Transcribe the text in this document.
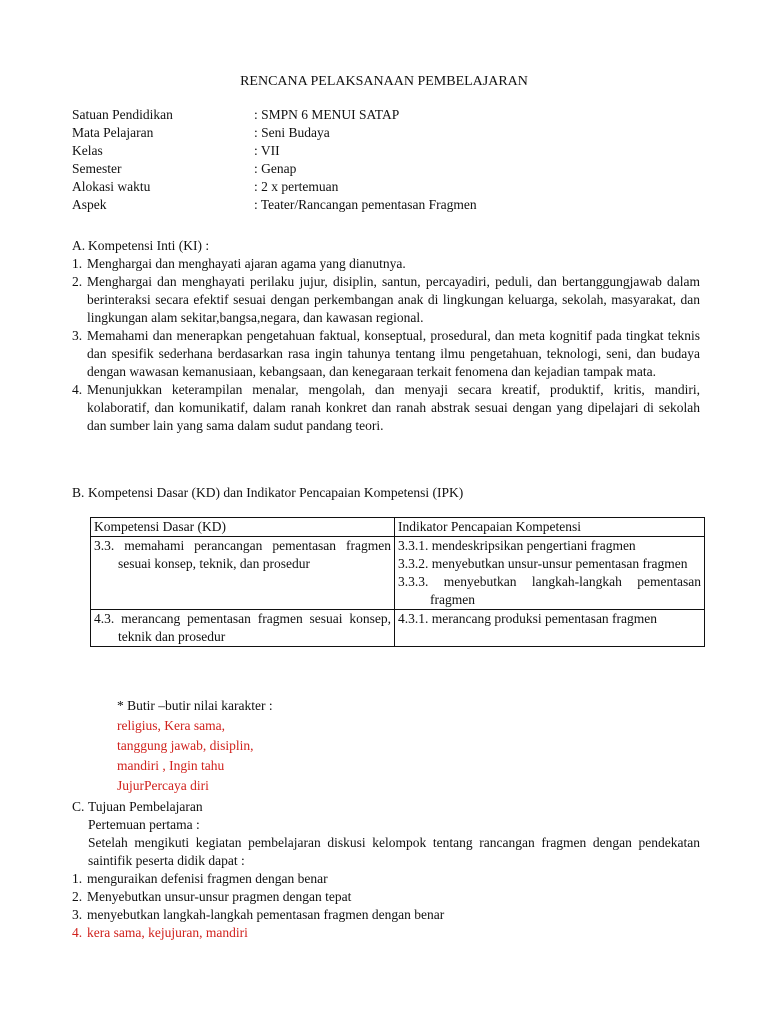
RENCANA PELAKSANAAN PEMBELAJARAN
Satuan Pendidikan	: SMPN 6 MENUI SATAP
Mata Pelajaran	: Seni Budaya
Kelas	: VII
Semester	: Genap
Alokasi waktu	: 2 x pertemuan
Aspek	: Teater/Rancangan pementasan Fragmen
A. Kompetensi Inti (KI) :
1. Menghargai dan menghayati ajaran agama yang dianutnya.
2. Menghargai dan menghayati perilaku jujur, disiplin, santun, percayadiri, peduli, dan bertanggungjawab dalam berinteraksi secara efektif sesuai dengan perkembangan anak di lingkungan keluarga, sekolah, masyarakat, dan lingkungan alam sekitar,bangsa,negara, dan kawasan regional.
3. Memahami dan menerapkan pengetahuan faktual, konseptual, prosedural, dan meta kognitif pada tingkat teknis dan spesifik sederhana berdasarkan rasa ingin tahunya tentang ilmu pengetahuan, teknologi, seni, dan budaya dengan wawasan kemanusiaan, kebangsaan, dan kenegaraan terkait fenomena dan kejadian tampak mata.
4. Menunjukkan keterampilan menalar, mengolah, dan menyaji secara kreatif, produktif, kritis, mandiri, kolaboratif, dan komunikatif, dalam ranah konkret dan ranah abstrak sesuai dengan yang dipelajari di sekolah dan sumber lain yang sama dalam sudut pandang teori.
B. Kompetensi Dasar (KD) dan Indikator Pencapaian Kompetensi (IPK)
Kompetensi Dasar (KD)	Indikator Pencapaian Kompetensi

3.3. memahami perancangan pementasan fragmen sesuai konsep, teknik, dan prosedur	3.3.1. mendeskripsikan pengertiani fragmen
3.3.2. menyebutkan unsur-unsur pementasan fragmen
3.3.3. menyebutkan langkah-langkah pementasan fragmen

4.3. merancang pementasan fragmen sesuai konsep, teknik dan prosedur	4.3.1. merancang produksi pementasan fragmen
* Butir –butir nilai karakter :
religius, Kera sama,
tanggung jawab, disiplin,
mandiri , Ingin tahu
JujurPercaya diri
C. Tujuan Pembelajaran
Pertemuan pertama :
Setelah mengikuti kegiatan pembelajaran diskusi kelompok tentang rancangan fragmen dengan pendekatan saintifik peserta didik dapat :
1. menguraikan defenisi fragmen dengan benar
2. Menyebutkan unsur-unsur pragmen dengan tepat
3. menyebutkan langkah-langkah pementasan fragmen dengan benar
4. kera sama, kejujuran, mandiri
